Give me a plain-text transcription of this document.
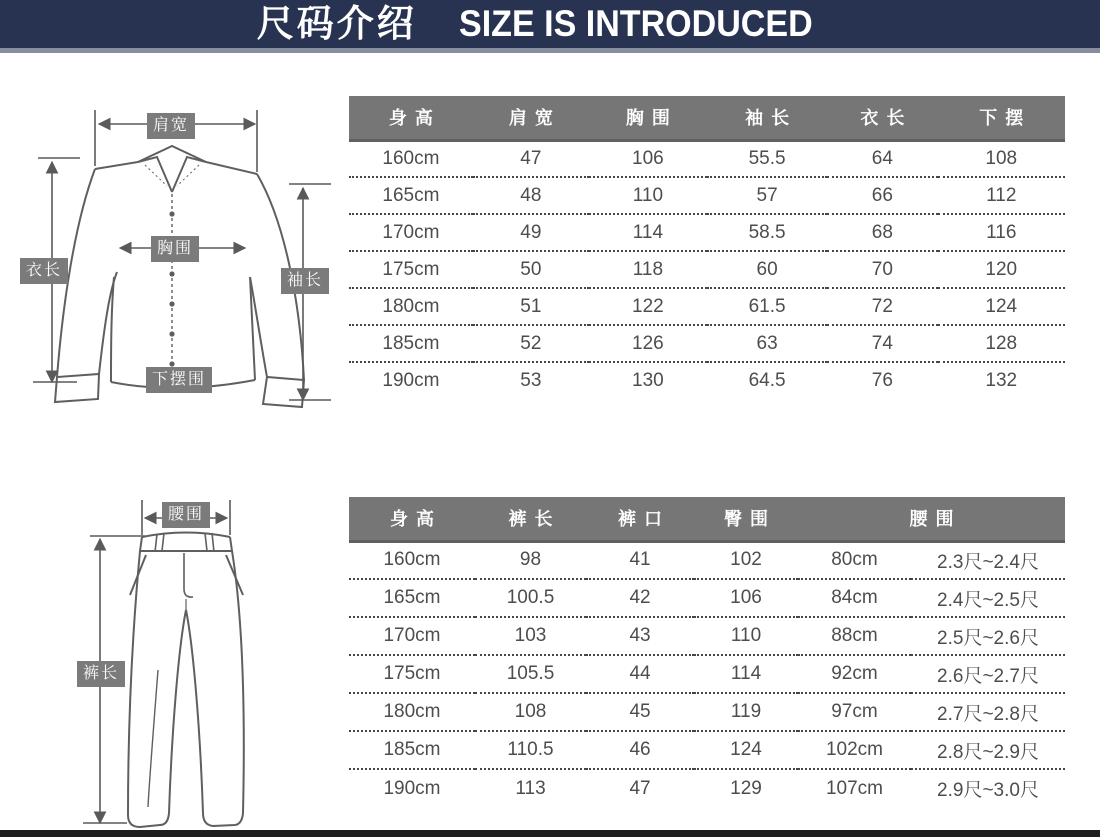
尺码介绍 SIZE IS INTRODUCED
肩宽
胸围
衣长
袖长
下摆围
身高	肩宽	胸围	袖长	衣长	下摆
160cm	47	106	55.5	64	108
165cm	48	110	57	66	112
170cm	49	114	58.5	68	116
175cm	50	118	60	70	120
180cm	51	122	61.5	72	124
185cm	52	126	63	74	128
190cm	53	130	64.5	76	132
腰围
裤长
身高	裤长	裤口	臀围	腰围	
160cm	98	41	102	80cm	2.3尺~2.4尺
165cm	100.5	42	106	84cm	2.4尺~2.5尺
170cm	103	43	110	88cm	2.5尺~2.6尺
175cm	105.5	44	114	92cm	2.6尺~2.7尺
180cm	108	45	119	97cm	2.7尺~2.8尺
185cm	110.5	46	124	102cm	2.8尺~2.9尺
190cm	113	47	129	107cm	2.9尺~3.0尺
